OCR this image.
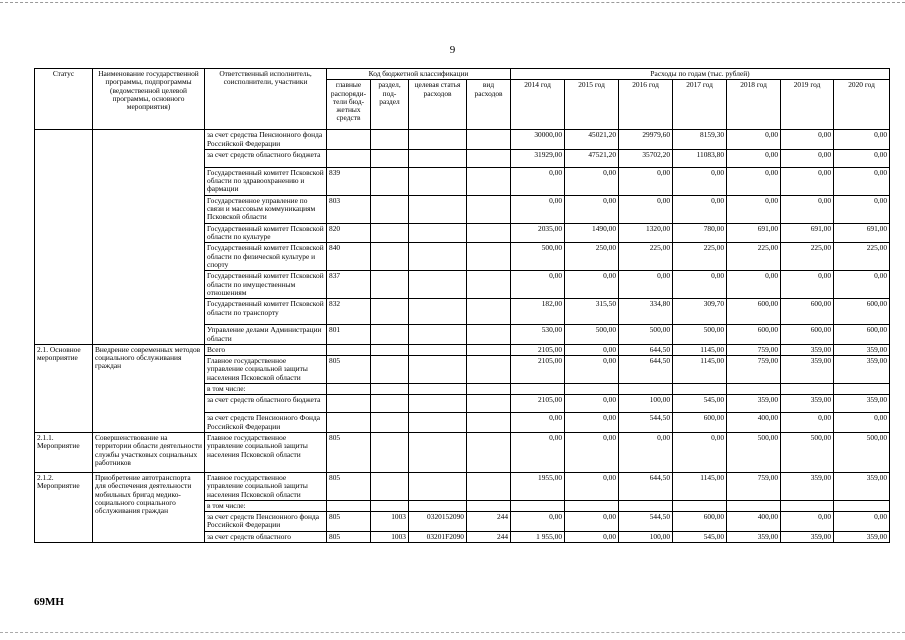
9
Статус	Наименование государственной программы, подпрограммы (ведомственной целевой программы, основного мероприятия)	Ответственный исполнитель, соисполнители, участники	Код бюджетной классификации				Расходы по годам (тыс. рублей)						
			главные распоряди-тели бюд-жетных средств	раздел, под-раздел	целевая статья расходов	вид расходов	2014 год	2015 год	2016 год	2017 год	2018 год	2019 год	2020 год
		за счет средства Пенсионного фонда Российской Федерации					30000,00	45021,20	29979,60	8159,30	0,00	0,00	0,00
		за счет средств областного бюджета					31929,00	47521,20	35702,20	11083,80	0,00	0,00	0,00
		Государственный комитет Псковской области по здравоохранению и фармации	839				0,00	0,00	0,00	0,00	0,00	0,00	0,00
		Государственное управление по связи и массовым коммуникациям Псковской области	803				0,00	0,00	0,00	0,00	0,00	0,00	0,00
		Государственный комитет Псковской области по культуре	820				2035,00	1490,00	1320,00	780,00	691,00	691,00	691,00
		Государственный комитет Псковской области по физической культуре и спорту	840				500,00	250,00	225,00	225,00	225,00	225,00	225,00
		Государственный комитет Псковской области по имущественным отношениям	837				0,00	0,00	0,00	0,00	0,00	0,00	0,00
		Государственный комитет Псковской области по транспорту	832				182,00	315,50	334,80	309,70	600,00	600,00	600,00
		Управление делами Администрации области	801				530,00	500,00	500,00	500,00	600,00	600,00	600,00
2.1. Основное мероприятие	Внедрение современных методов социального обслуживания граждан	Всего					2105,00	0,00	644,50	1145,00	759,00	359,00	359,00
		Главное государственное управление социальной защиты населения Псковской области	805				2105,00	0,00	644,50	1145,00	759,00	359,00	359,00
		в том числе:											
		за счет средств областного бюджета					2105,00	0,00	100,00	545,00	359,00	359,00	359,00
		за счет средств Пенсионного Фонда Российской Федерации					0,00	0,00	544,50	600,00	400,00	0,00	0,00
2.1.1. Мероприятие	Совершенствование на территории области деятельности службы участковых социальных работников	Главное государственное управление социальной защиты населения Псковской области	805				0,00	0,00	0,00	0,00	500,00	500,00	500,00
2.1.2. Мероприятие	Приобретение автотранспорта для обеспечения деятельности мобильных бригад медико-социального социального обслуживания граждан	Главное государственное управление социальной защиты населения Псковской области	805				1955,00	0,00	644,50	1145,00	759,00	359,00	359,00
		в том числе:											
		за счет средств Пенсионного фонда Российской Федерации	805	1003	0320152090	244	0,00	0,00	544,50	600,00	400,00	0,00	0,00
		за счет средств областного	805	1003	03201F2090	244	1 955,00	0,00	100,00	545,00	359,00	359,00	359,00
69MH
